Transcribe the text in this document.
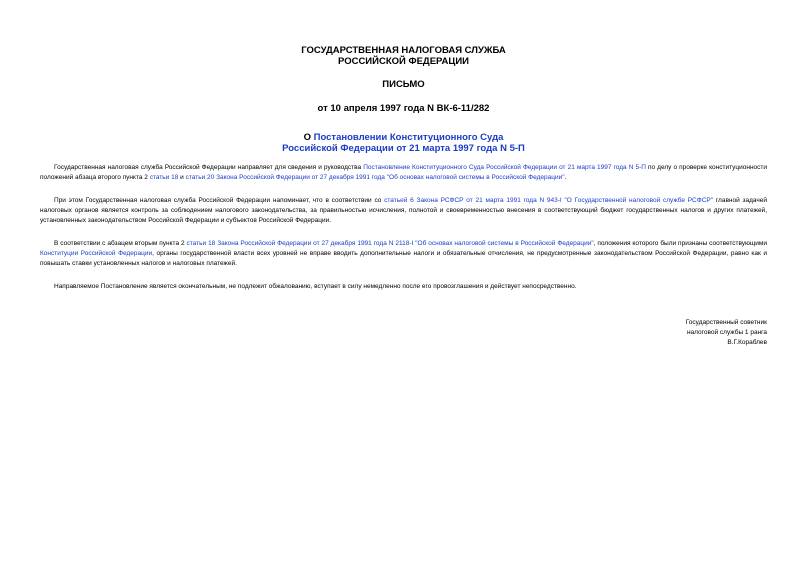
ГОСУДАРСТВЕННАЯ НАЛОГОВАЯ СЛУЖБА
РОССИЙСКОЙ ФЕДЕРАЦИИ
ПИСЬМО
от 10 апреля 1997 года N ВК-6-11/282
О Постановлении Конституционного Суда
Российской Федерации от 21 марта 1997 года N 5-П

Государственная налоговая служба Российской Федерации направляет для сведения и руководства Постановление Конституционного Суда Российской Федерации от 21 марта 1997 года N 5-П по делу о проверке конституционности положений абзаца второго пункта 2 статьи 18 и статьи 20 Закона Российской Федерации от 27 декабря 1991 года "Об основах налоговой системы в Российской Федерации".

При этом Государственная налоговая служба Российской Федерации напоминает, что в соответствии со статьей 6 Закона РСФСР от 21 марта 1991 года N 943-I "О Государственной налоговой службе РСФСР" главной задачей налоговых органов является контроль за соблюдением налогового законодательства, за правильностью исчисления, полнотой и своевременностью внесения в соответствующий бюджет государственных налогов и других платежей, установленных законодательством Российской Федерации и субъектов Российской Федерации.

В соответствии с абзацем вторым пункта 2 статьи 18 Закона Российской Федерации от 27 декабря 1991 года N 2118-I "Об основах налоговой системы в Российской Федерации", положения которого были признаны соответствующими Конституции Российской Федерации, органы государственной власти всех уровней не вправе вводить дополнительные налоги и обязательные отчисления, не предусмотренные законодательством Российской Федерации, равно как и повышать ставки установленных налогов и налоговых платежей.

Направляемое Постановление является окончательным, не подлежит обжалованию, вступает в силу немедленно после его провозглашения и действует непосредственно.

Государственный советник
налоговой службы 1 ранга
В.Г.Кораблев
